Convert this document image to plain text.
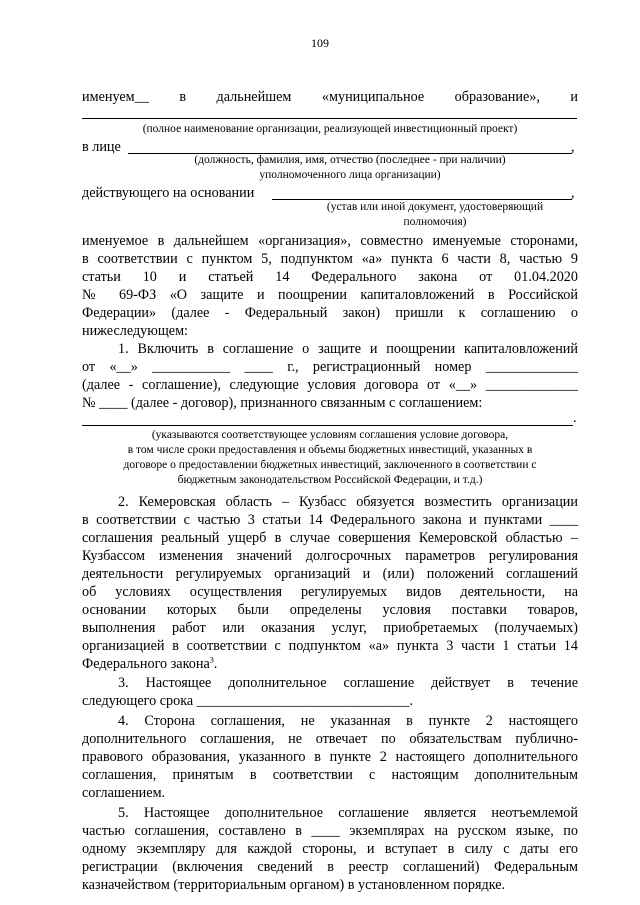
109
именуем__ в дальнейшем «муниципальное образование», и
(полное наименование организации, реализующей инвестиционный проект)
в лице	,
(должность, фамилия, имя, отчество (последнее - при наличии)
уполномоченного лица организации)
действующего на основании	,
(устав или иной документ, удостоверяющий
полномочия)
именуемое в дальнейшем «организация», совместно именуемые сторонами,
в соответствии с пунктом 5, подпунктом «а» пункта 6 части 8, частью 9
статьи 10 и статьей 14 Федерального закона от 01.04.2020
№ 69-ФЗ «О защите и поощрении капиталовложений в Российской
Федерации» (далее - Федеральный закон) пришли к соглашению о
нижеследующем:
1. Включить в соглашение о защите и поощрении капиталовложений
от «__» ___________ ____ г., регистрационный номер _____________
(далее - соглашение), следующие условия договора от «__» _____________
№ ____ (далее - договор), признанного связанным с соглашением:
.
(указываются соответствующее условиям соглашения условие договора,
в том числе сроки предоставления и объемы бюджетных инвестиций, указанных в
договоре о предоставлении бюджетных инвестиций, заключенного в соответствии с
бюджетным законодательством Российской Федерации, и т.д.)
2. Кемеровская область – Кузбасс обязуется возместить организации
в соответствии с частью 3 статьи 14 Федерального закона и пунктами ____
соглашения реальный ущерб в случае совершения Кемеровской областью –
Кузбассом изменения значений долгосрочных параметров регулирования
деятельности регулируемых организаций и (или) положений соглашений
об условиях осуществления регулируемых видов деятельности, на
основании которых были определены условия поставки товаров,
выполнения работ или оказания услуг, приобретаемых (получаемых)
организацией в соответствии с подпунктом «а» пункта 3 части 1 статьи 14
Федерального закона$^3$.
3. Настоящее дополнительное соглашение действует в течение
следующего срока ______________________________.
4. Сторона соглашения, не указанная в пункте 2 настоящего
дополнительного соглашения, не отвечает по обязательствам публично-
правового образования, указанного в пункте 2 настоящего дополнительного
соглашения, принятым в соответствии с настоящим дополнительным
соглашением.
5. Настоящее дополнительное соглашение является неотъемлемой
частью соглашения, составлено в ____ экземплярах на русском языке, по
одному экземпляру для каждой стороны, и вступает в силу с даты его
регистрации (включения сведений в реестр соглашений) Федеральным
казначейством (территориальным органом) в установленном порядке.
